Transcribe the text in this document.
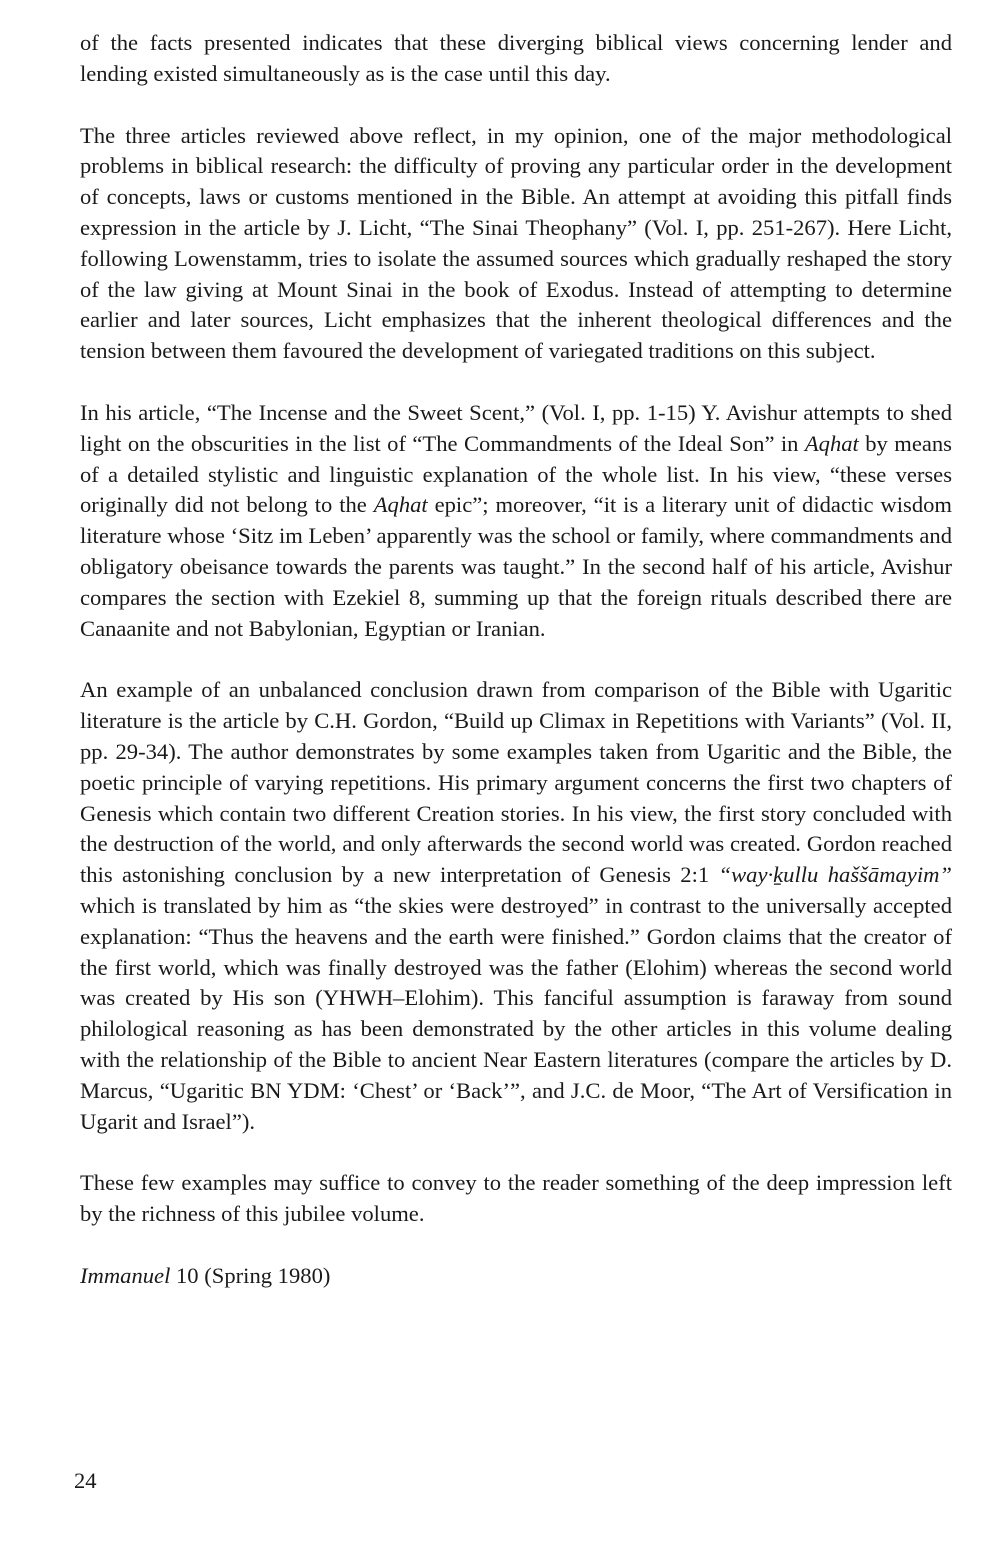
of the facts presented indicates that these diverging biblical views concerning lender and lending existed simultaneously as is the case until this day.

The three articles reviewed above reflect, in my opinion, one of the major methodological problems in biblical research: the difficulty of proving any particular order in the development of concepts, laws or customs mentioned in the Bible. An attempt at avoiding this pitfall finds expression in the article by J. Licht, “The Sinai Theophany” (Vol. I, pp. 251-267). Here Licht, following Lowenstamm, tries to isolate the assumed sources which gradually reshaped the story of the law giving at Mount Sinai in the book of Exodus. Instead of attempting to determine earlier and later sources, Licht emphasizes that the inherent theological differences and the tension between them favoured the development of variegated traditions on this subject.

In his article, “The Incense and the Sweet Scent,” (Vol. I, pp. 1-15) Y. Avishur attempts to shed light on the obscurities in the list of “The Commandments of the Ideal Son” in Aqhat by means of a detailed stylistic and linguistic explanation of the whole list. In his view, “these verses originally did not belong to the Aqhat epic”; moreover, “it is a literary unit of didactic wisdom literature whose ‘Sitz im Leben’ apparently was the school or family, where commandments and obligatory obeisance towards the parents was taught.” In the second half of his article, Avishur compares the section with Ezekiel 8, summing up that the foreign rituals described there are Canaanite and not Babylonian, Egyptian or Iranian.

An example of an unbalanced conclusion drawn from comparison of the Bible with Ugaritic literature is the article by C.H. Gordon, “Build up Climax in Repetitions with Variants” (Vol. II, pp. 29-34). The author demonstrates by some examples taken from Ugaritic and the Bible, the poetic principle of varying repetitions. His primary argument concerns the first two chapters of Genesis which contain two different Creation stories. In his view, the first story concluded with the destruction of the world, and only afterwards the second world was created. Gordon reached this astonishing conclusion by a new interpretation of Genesis 2:1 “way·ḵullu haššāmayim” which is translated by him as “the skies were destroyed” in contrast to the universally accepted explanation: “Thus the heavens and the earth were finished.” Gordon claims that the creator of the first world, which was finally destroyed was the father (Elohim) whereas the second world was created by His son (YHWH–Elohim). This fanciful assumption is faraway from sound philological reasoning as has been demonstrated by the other articles in this volume dealing with the relationship of the Bible to ancient Near Eastern literatures (compare the articles by D. Marcus, “Ugaritic BN YDM: ‘Chest’ or ‘Back’”, and J.C. de Moor, “The Art of Versification in Ugarit and Israel”).

These few examples may suffice to convey to the reader something of the deep impression left by the richness of this jubilee volume.

Immanuel 10 (Spring 1980)

24
